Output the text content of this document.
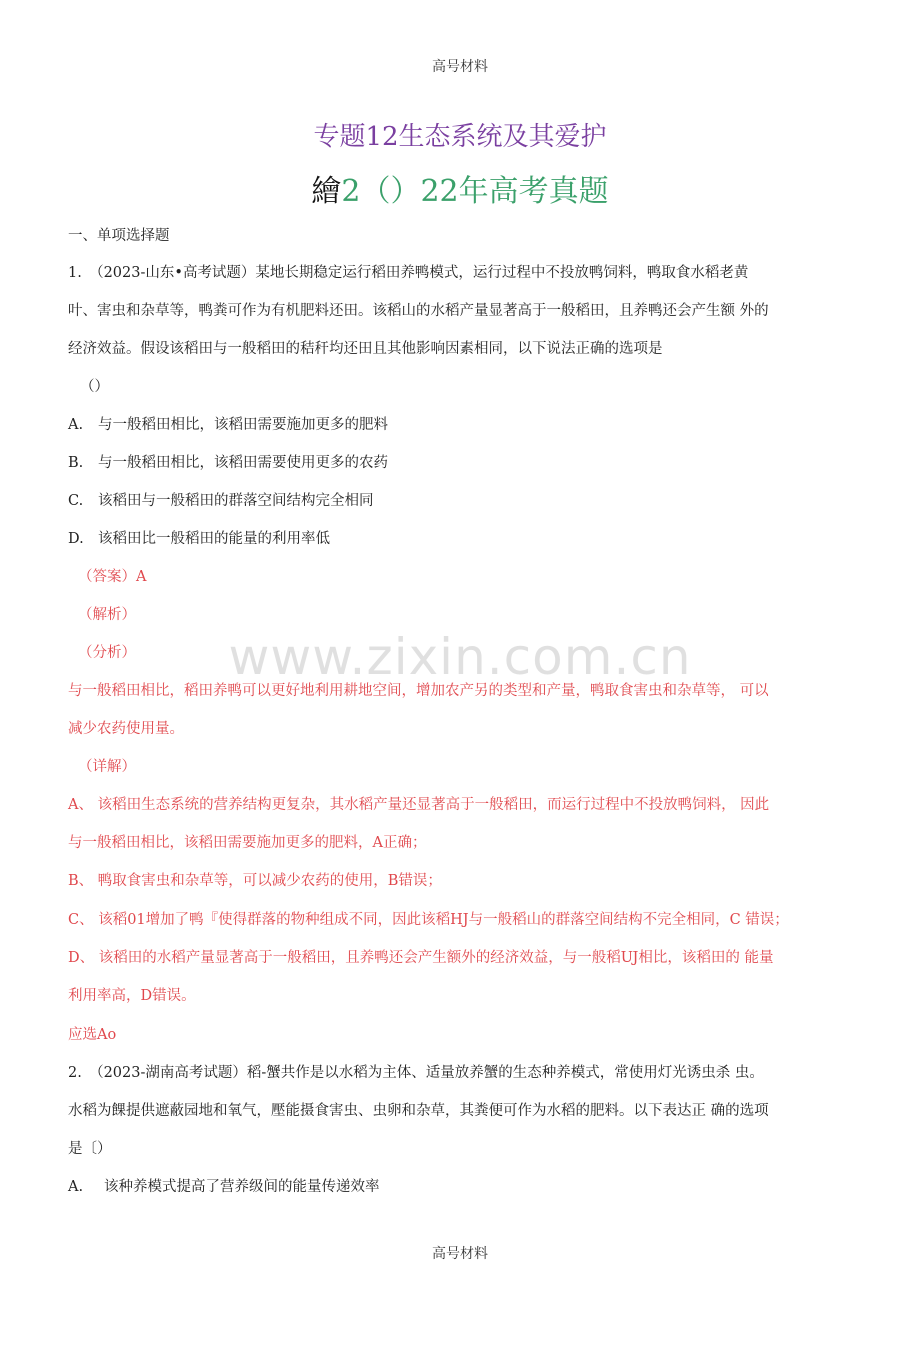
高号材料
专题12生态系统及其爱护
繪2（）22年高考真题
一、单项选择题
1.　（2023-山东•高考试题）某地长期稳定运行稻田养鸭模式，运行过程中不投放鸭饲料，鸭取食水稻老黄
叶、害虫和杂草等，鸭粪可作为有机肥料还田。该稻山的水稻产量显著高于一般稻田，且养鸭还会产生额 外的
经济效益。假设该稻田与一般稻田的秸秆均还田且其他影响因素相同，以下说法正确的选项是
（）
A. 与一般稻田相比，该稻田需要施加更多的肥料
B. 与一般稻田相比，该稻田需要使用更多的农药
C. 该稻田与一般稻田的群落空间结构完全相同
D. 该稻田比一般稻田的能量的利用率低
（答案）A
（解析）
（分析）
与一般稻田相比，稻田养鸭可以更好地利用耕地空间，增加农产另的类型和产量，鸭取食害虫和杂草等， 可以
减少农药使用量。
（详解）
A、 该稻田生态系统的营养结构更复杂，其水稻产量还显著高于一般稻田，而运行过程中不投放鸭饲料， 因此
与一般稻田相比，该稻田需要施加更多的肥料，A正确；
B、 鸭取食害虫和杂草等，可以减少农药的使用，B错误；
C、 该稻01增加了鸭『使得群落的物种组成不同，因此该稻HJ与一般稻山的群落空间结构不完全相同，C 错误；
D、 该稻田的水稻产量显著高于一般稻田，且养鸭还会产生额外的经济效益，与一般稻UJ相比，该稻田的 能量
利用率高，D错误。
应选Ao
2.　（2023-湖南高考试题）稻-蟹共作是以水稻为主体、适量放养蟹的生态种养模式，常使用灯光诱虫杀 虫。
水稻为餜提供遮蔽园地和氧气，壓能摄食害虫、虫卵和杂草，其粪便可作为水稻的肥料。以下表达正 确的选项
是〔）
A. 该种养模式提高了营养级间的能量传递效率
高号材料
www.zixin.com.cn
